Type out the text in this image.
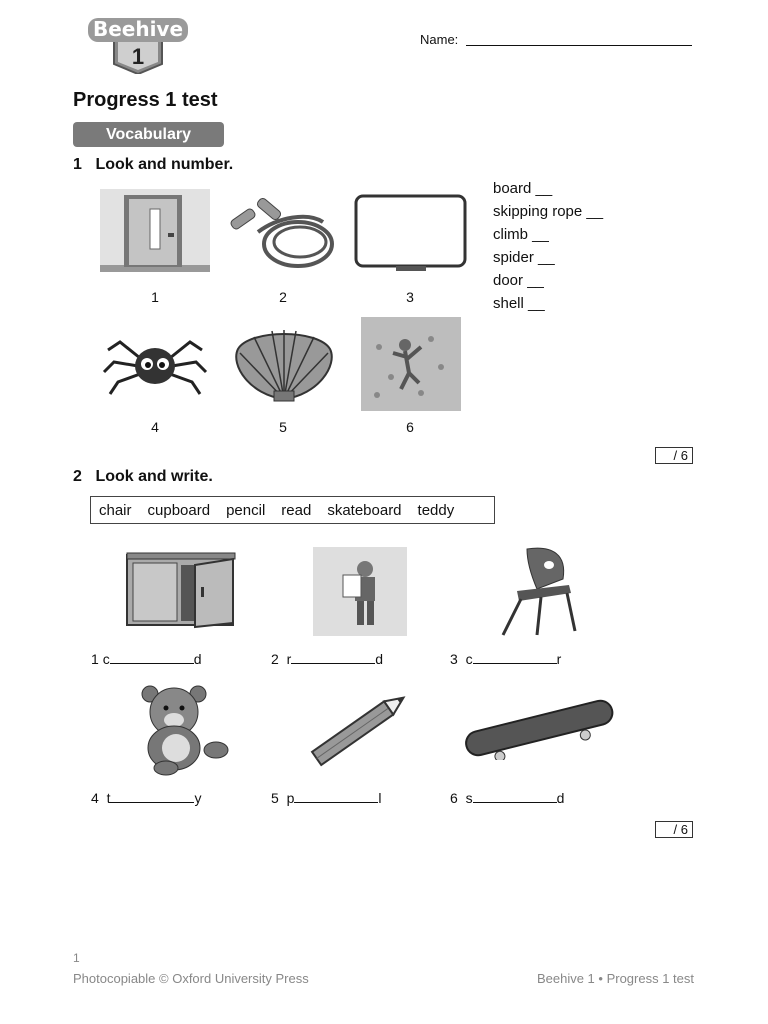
Beehive
1
Name:
Progress 1 test
Vocabulary
1 Look and number.
1	2	3
4	5	6
board __
skipping rope __
climb __
spider __
door __
shell __
/ 6
2 Look and write.
chair cupboard pencil read skateboard teddy
1 c	d	2 r	d	3 c	r
4 t	y	5 p	l	6 s	d
/ 6
1
Photocopiable © Oxford University Press	Beehive 1 • Progress 1 test
